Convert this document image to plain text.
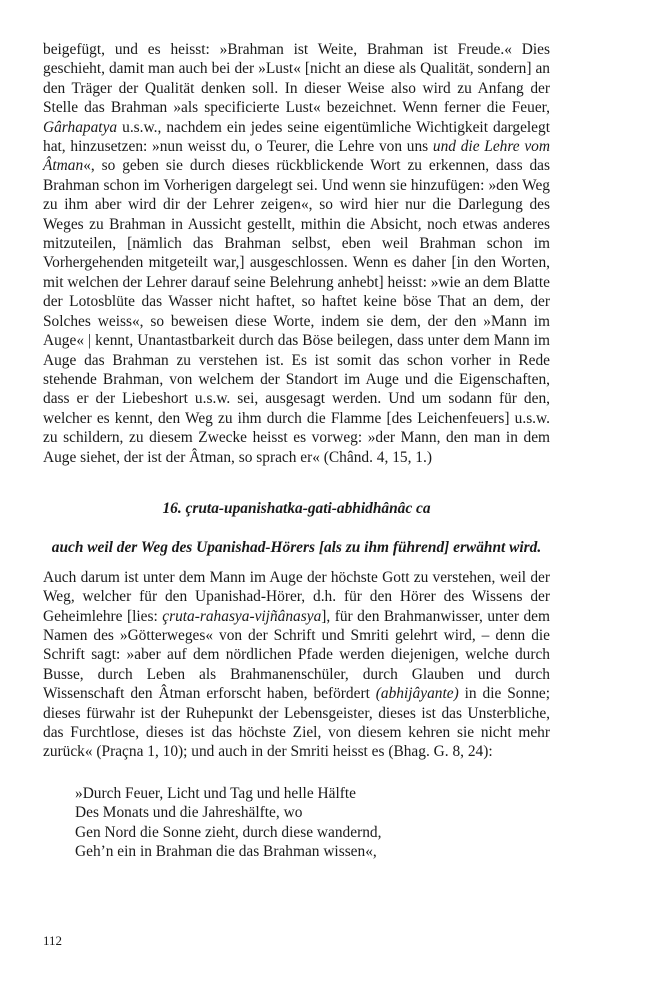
beigefügt, und es heisst: »Brahman ist Weite, Brahman ist Freude.« Dies geschieht, damit man auch bei der »Lust« [nicht an diese als Qualität, sondern] an den Träger der Qualität denken soll. In dieser Weise also wird zu Anfang der Stelle das Brahman »als specificierte Lust« bezeichnet. Wenn ferner die Feuer, Gârhapatya u.s.w., nachdem ein jedes seine eigentümliche Wichtigkeit dargelegt hat, hinzusetzen: »nun weisst du, o Teurer, die Lehre von uns und die Lehre vom Âtman«, so geben sie durch dieses rückblickende Wort zu erkennen, dass das Brahman schon im Vorherigen dargelegt sei. Und wenn sie hinzufügen: »den Weg zu ihm aber wird dir der Lehrer zeigen«, so wird hier nur die Darlegung des Weges zu Brahman in Aussicht gestellt, mithin die Absicht, noch etwas anderes mitzuteilen, [nämlich das Brahman selbst, eben weil Brahman schon im Vorhergehenden mitgeteilt war,] ausgeschlossen. Wenn es daher [in den Worten, mit welchen der Lehrer darauf seine Belehrung anhebt] heisst: »wie an dem Blatte der Lotosblüte das Wasser nicht haftet, so haftet keine böse That an dem, der Solches weiss«, so beweisen diese Worte, indem sie dem, der den »Mann im Auge« | kennt, Unantastbarkeit durch das Böse beilegen, dass unter dem Mann im Auge das Brahman zu verstehen ist. Es ist somit das schon vorher in Rede stehende Brahman, von welchem der Standort im Auge und die Eigenschaften, dass er der Liebeshort u.s.w. sei, ausgesagt werden. Und um sodann für den, welcher es kennt, den Weg zu ihm durch die Flamme [des Leichenfeuers] u.s.w. zu schildern, zu diesem Zwecke heisst es vorweg: »der Mann, den man in dem Auge siehet, der ist der Âtman, so sprach er« (Chând. 4, 15, 1.)

16. çruta-upanishatka-gati-abhidhânâc ca

auch weil der Weg des Upanishad-Hörers [als zu ihm führend] erwähnt wird.

Auch darum ist unter dem Mann im Auge der höchste Gott zu verstehen, weil der Weg, welcher für den Upanishad-Hörer, d.h. für den Hörer des Wissens der Geheimlehre [lies: çruta-rahasya-vijñânasya], für den Brahmanwisser, unter dem Namen des »Götterweges« von der Schrift und Smriti gelehrt wird, – denn die Schrift sagt: »aber auf dem nördlichen Pfade werden diejenigen, welche durch Busse, durch Leben als Brahmanenschüler, durch Glauben und durch Wissenschaft den Âtman erforscht haben, befördert (abhijâyante) in die Sonne; dieses fürwahr ist der Ruhepunkt der Lebensgeister, dieses ist das Unsterbliche, das Furchtlose, dieses ist das höchste Ziel, von diesem kehren sie nicht mehr zurück« (Praçna 1, 10); und auch in der Smriti heisst es (Bhag. G. 8, 24):

»Durch Feuer, Licht und Tag und helle Hälfte
Des Monats und die Jahreshälfte, wo
Gen Nord die Sonne zieht, durch diese wandernd,
Geh’n ein in Brahman die das Brahman wissen«,
112
